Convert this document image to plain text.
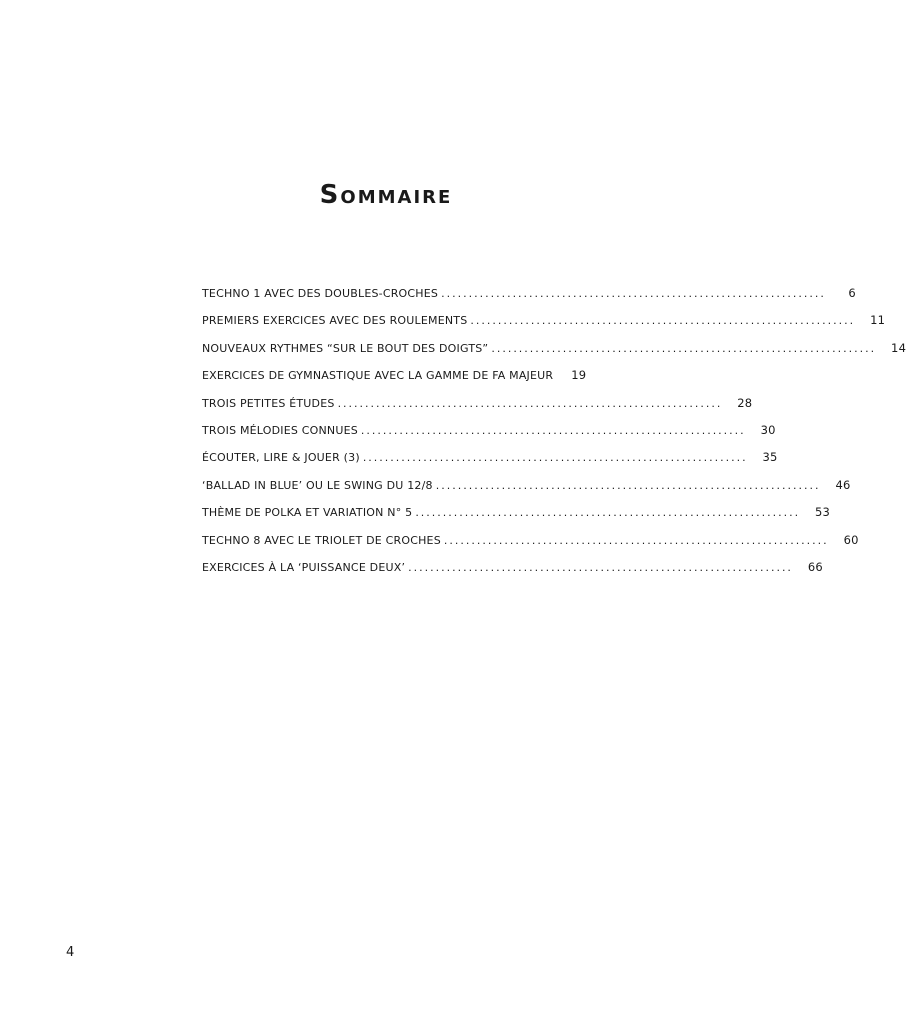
Sommaire
TECHNO 1 AVEC DES DOUBLES-CROCHES ......................................................................	6
PREMIERS EXERCICES AVEC DES ROULEMENTS ......................................................................	11
NOUVEAUX RYTHMES “SUR LE BOUT DES DOIGTS” ......................................................................	14
EXERCICES DE GYMNASTIQUE AVEC LA GAMME DE FA MAJEUR	19
TROIS PETITES ÉTUDES ......................................................................	28
TROIS MÉLODIES CONNUES ......................................................................	30
ÉCOUTER, LIRE & JOUER (3) ......................................................................	35
‘BALLAD IN BLUE’ OU LE SWING DU 12/8 ......................................................................	46
THÈME DE POLKA ET VARIATION N° 5 ......................................................................	53
TECHNO 8 AVEC LE TRIOLET DE CROCHES ......................................................................	60
EXERCICES À LA ‘PUISSANCE DEUX’ ......................................................................	66
4
